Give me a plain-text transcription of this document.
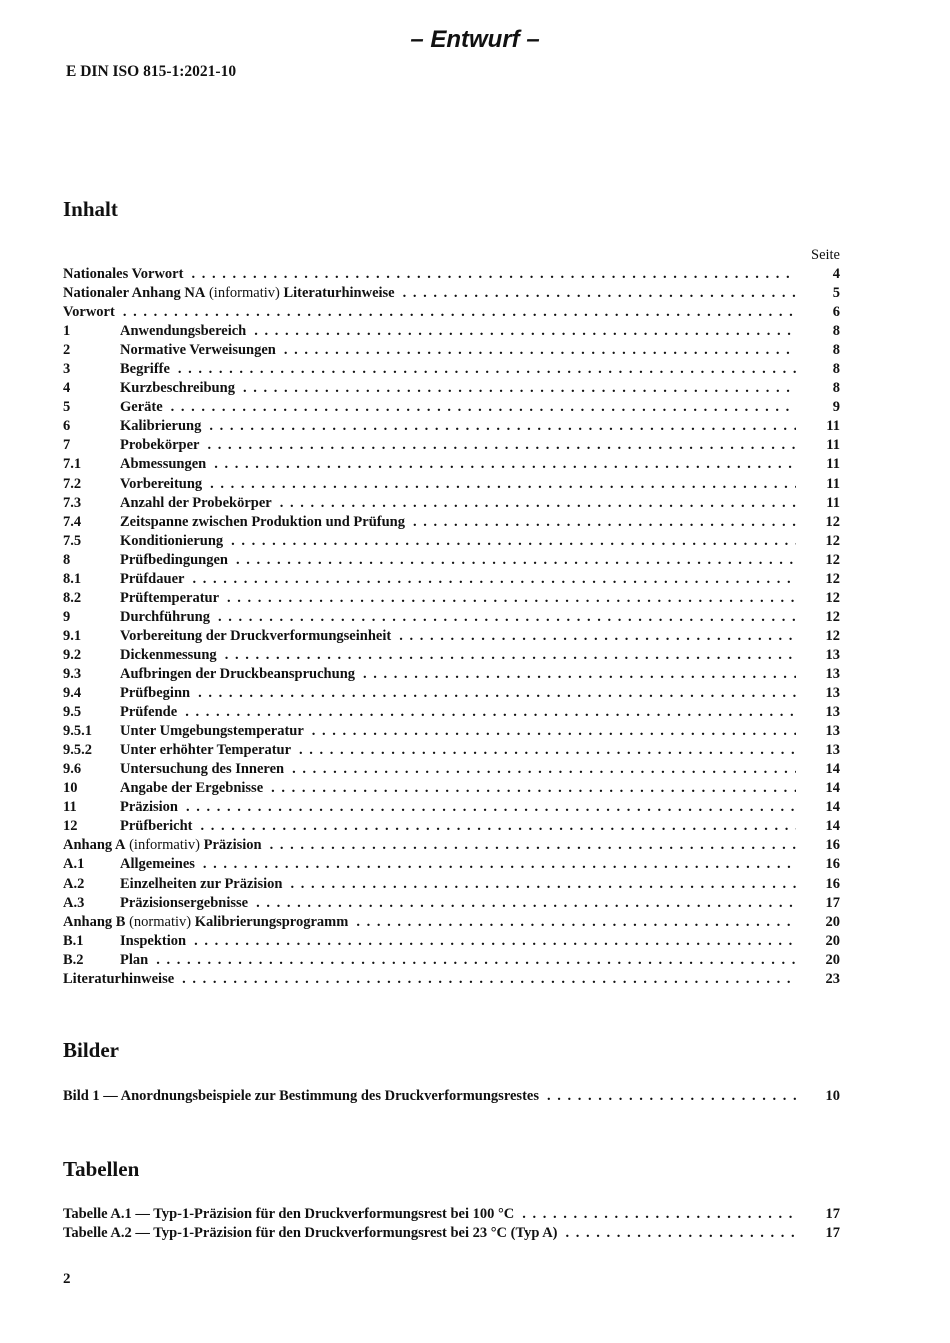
– Entwurf –
E DIN ISO 815-1:2021-10
Inhalt
Seite
Nationales Vorwort . . .	4
Nationaler Anhang NA (informativ) Literaturhinweise . . .	5
Vorwort . . .	6
1	Anwendungsbereich . . .	8
2	Normative Verweisungen . . .	8
3	Begriffe . . .	8
4	Kurzbeschreibung . . .	8
5	Geräte . . .	9
6	Kalibrierung . . .	11
7	Probekörper . . .	11
7.1	Abmessungen . . .	11
7.2	Vorbereitung . . .	11
7.3	Anzahl der Probekörper . . .	11
7.4	Zeitspanne zwischen Produktion und Prüfung . . .	12
7.5	Konditionierung . . .	12
8	Prüfbedingungen . . .	12
8.1	Prüfdauer . . .	12
8.2	Prüftemperatur . . .	12
9	Durchführung . . .	12
9.1	Vorbereitung der Druckverformungseinheit . . .	12
9.2	Dickenmessung . . .	13
9.3	Aufbringen der Druckbeanspruchung . . .	13
9.4	Prüfbeginn . . .	13
9.5	Prüfende . . .	13
9.5.1 Unter Umgebungstemperatur . . .	13
9.5.2 Unter erhöhter Temperatur . . .	13
9.6	Untersuchung des Inneren . . .	14
10	Angabe der Ergebnisse . . .	14
11	Präzision . . .	14
12	Prüfbericht . . .	14
Anhang A (informativ) Präzision . . .	16
A.1 Allgemeines . . .	16
A.2 Einzelheiten zur Präzision . . .	16
A.3 Präzisionsergebnisse . . .	17
Anhang B (normativ) Kalibrierungsprogramm . . .	20
B.1	Inspektion . . .	20
B.2	Plan . . .	20
Literaturhinweise . . .	23
Bilder
Bild 1 — Anordnungsbeispiele zur Bestimmung des Druckverformungsrestes . . .	10
Tabellen
Tabelle A.1 — Typ-1-Präzision für den Druckverformungsrest bei 100 °C . . .	17
Tabelle A.2 — Typ-1-Präzision für den Druckverformungsrest bei 23 °C (Typ A) . . .	17
2
